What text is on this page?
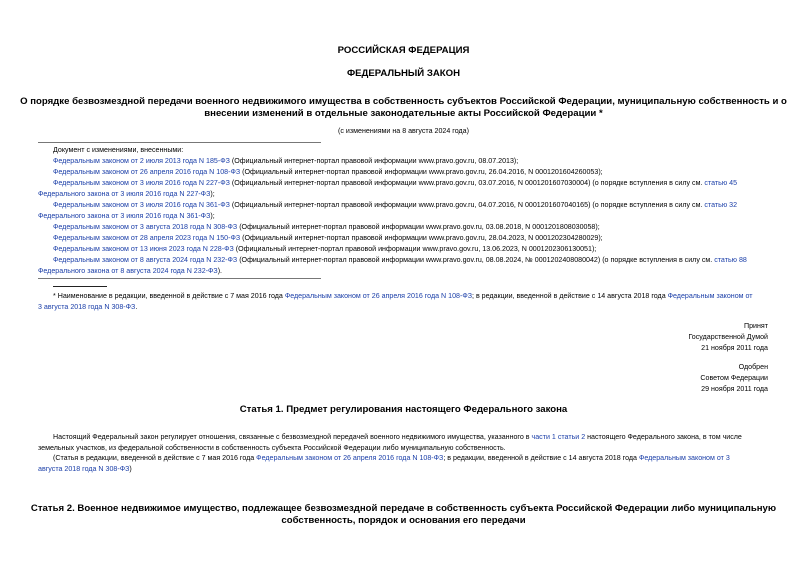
РОССИЙСКАЯ ФЕДЕРАЦИЯ
ФЕДЕРАЛЬНЫЙ ЗАКОН
О порядке безвозмездной передачи военного недвижимого имущества в собственность субъектов Российской Федерации, муниципальную собственность и о
внесении изменений в отдельные законодательные акты Российской Федерации *
(с изменениями на 8 августа 2024 года)
Документ с изменениями, внесенными:
Федеральным законом от 2 июля 2013 года N 185-ФЗ (Официальный интернет-портал правовой информации www.pravo.gov.ru, 08.07.2013);
Федеральным законом от 26 апреля 2016 года N 108-ФЗ (Официальный интернет-портал правовой информации www.pravo.gov.ru, 26.04.2016, N 0001201604260053);
Федеральным законом от 3 июля 2016 года N 227-ФЗ (Официальный интернет-портал правовой информации www.pravo.gov.ru, 03.07.2016, N 0001201607030004) (о порядке вступления в силу см. статью 45
Федерального закона от 3 июля 2016 года N 227-ФЗ);
Федеральным законом от 3 июля 2016 года N 361-ФЗ (Официальный интернет-портал правовой информации www.pravo.gov.ru, 04.07.2016, N 0001201607040165) (о порядке вступления в силу см. статью 32
Федерального закона от 3 июля 2016 года N 361-ФЗ);
Федеральным законом от 3 августа 2018 года N 308-ФЗ (Официальный интернет-портал правовой информации www.pravo.gov.ru, 03.08.2018, N 0001201808030058);
Федеральным законом от 28 апреля 2023 года N 150-ФЗ (Официальный интернет-портал правовой информации www.pravo.gov.ru, 28.04.2023, N 0001202304280029);
Федеральным законом от 13 июня 2023 года N 228-ФЗ (Официальный интернет-портал правовой информации www.pravo.gov.ru, 13.06.2023, N 0001202306130051);
Федеральным законом от 8 августа 2024 года N 232-ФЗ (Официальный интернет-портал правовой информации www.pravo.gov.ru, 08.08.2024, № 0001202408080042) (о порядке вступления в силу см. статью 88
Федерального закона от 8 августа 2024 года N 232-ФЗ).
* Наименование в редакции, введенной в действие с 7 мая 2016 года Федеральным законом от 26 апреля 2016 года N 108-ФЗ; в редакции, введенной в действие с 14 августа 2018 года Федеральным законом от
3 августа 2018 года N 308-ФЗ.
Принят
Государственной Думой
21 ноября 2011 года
Одобрен
Советом Федерации
29 ноября 2011 года
Статья 1. Предмет регулирования настоящего Федерального закона
Настоящий Федеральный закон регулирует отношения, связанные с безвозмездной передачей военного недвижимого имущества, указанного в части 1 статьи 2 настоящего Федерального закона, в том числе
земельных участков, из федеральной собственности в собственность субъекта Российской Федерации либо муниципальную собственность.
(Статья в редакции, введенной в действие с 7 мая 2016 года Федеральным законом от 26 апреля 2016 года N 108-ФЗ; в редакции, введенной в действие с 14 августа 2018 года Федеральным законом от 3
августа 2018 года N 308-ФЗ)
Статья 2. Военное недвижимое имущество, подлежащее безвозмездной передаче в собственность субъекта Российской Федерации либо муниципальную
собственность, порядок и основания его передачи
